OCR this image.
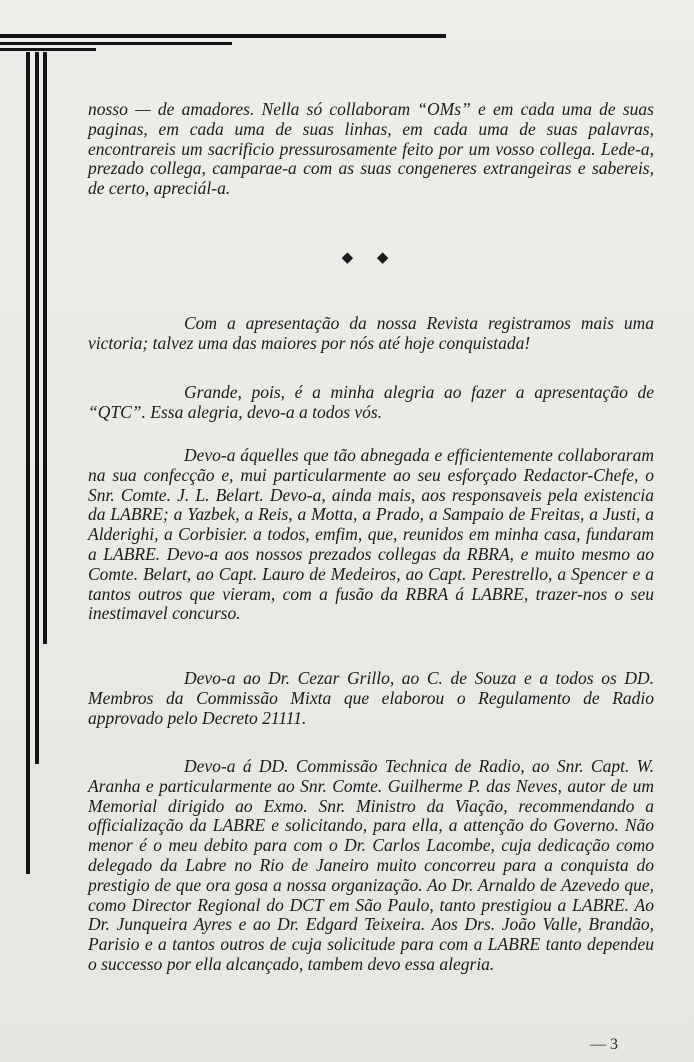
nosso — de amadores. Nella só collaboram “OMs” e em cada uma de suas paginas, em cada uma de suas linhas, em cada uma de suas palavras, encontrareis um sacrificio pressurosamente feito por um vosso collega. Lede-a, prezado collega, camparae-a com as suas congeneres extrangeiras e sabereis, de certo, apreciál-a.

◆ ◆

Com a apresentação da nossa Revista registramos mais uma victoria; talvez uma das maiores por nós até hoje conquistada!

Grande, pois, é a minha alegria ao fazer a apresentação de “QTC”. Essa alegria, devo-a a todos vós.

Devo-a áquelles que tão abnegada e efficientemente collaboraram na sua confecção e, mui particularmente ao seu esforçado Redactor-Chefe, o Snr. Comte. J. L. Belart. Devo-a, ainda mais, aos responsaveis pela existencia da LABRE; a Yazbek, a Reis, a Motta, a Prado, a Sampaio de Freitas, a Justi, a Alderighi, a Corbisier. a todos, emfim, que, reunidos em minha casa, fundaram a LABRE. Devo-a aos nossos prezados collegas da RBRA, e muito mesmo ao Comte. Belart, ao Capt. Lauro de Medeiros, ao Capt. Perestrello, a Spencer e a tantos outros que vieram, com a fusão da RBRA á LABRE, trazer-nos o seu inestimavel concurso.

Devo-a ao Dr. Cezar Grillo, ao C. de Souza e a todos os DD. Membros da Commissão Mixta que elaborou o Regulamento de Radio approvado pelo Decreto 21111.

Devo-a á DD. Commissão Technica de Radio, ao Snr. Capt. W. Aranha e particularmente ao Snr. Comte. Guilherme P. das Neves, autor de um Memorial dirigido ao Exmo. Snr. Ministro da Viação, recommendando a officialização da LABRE e solicitando, para ella, a attenção do Governo. Não menor é o meu debito para com o Dr. Carlos Lacombe, cuja dedicação como delegado da Labre no Rio de Janeiro muito concorreu para a conquista do prestigio de que ora gosa a nossa organização. Ao Dr. Arnaldo de Azevedo que, como Director Regional do DCT em São Paulo, tanto prestigiou a LABRE. Ao Dr. Junqueira Ayres e ao Dr. Edgard Teixeira. Aos Drs. João Valle, Brandão, Parisio e a tantos outros de cuja solicitude para com a LABRE tanto dependeu o successo por ella alcançado, tambem devo essa alegria.

— 3
